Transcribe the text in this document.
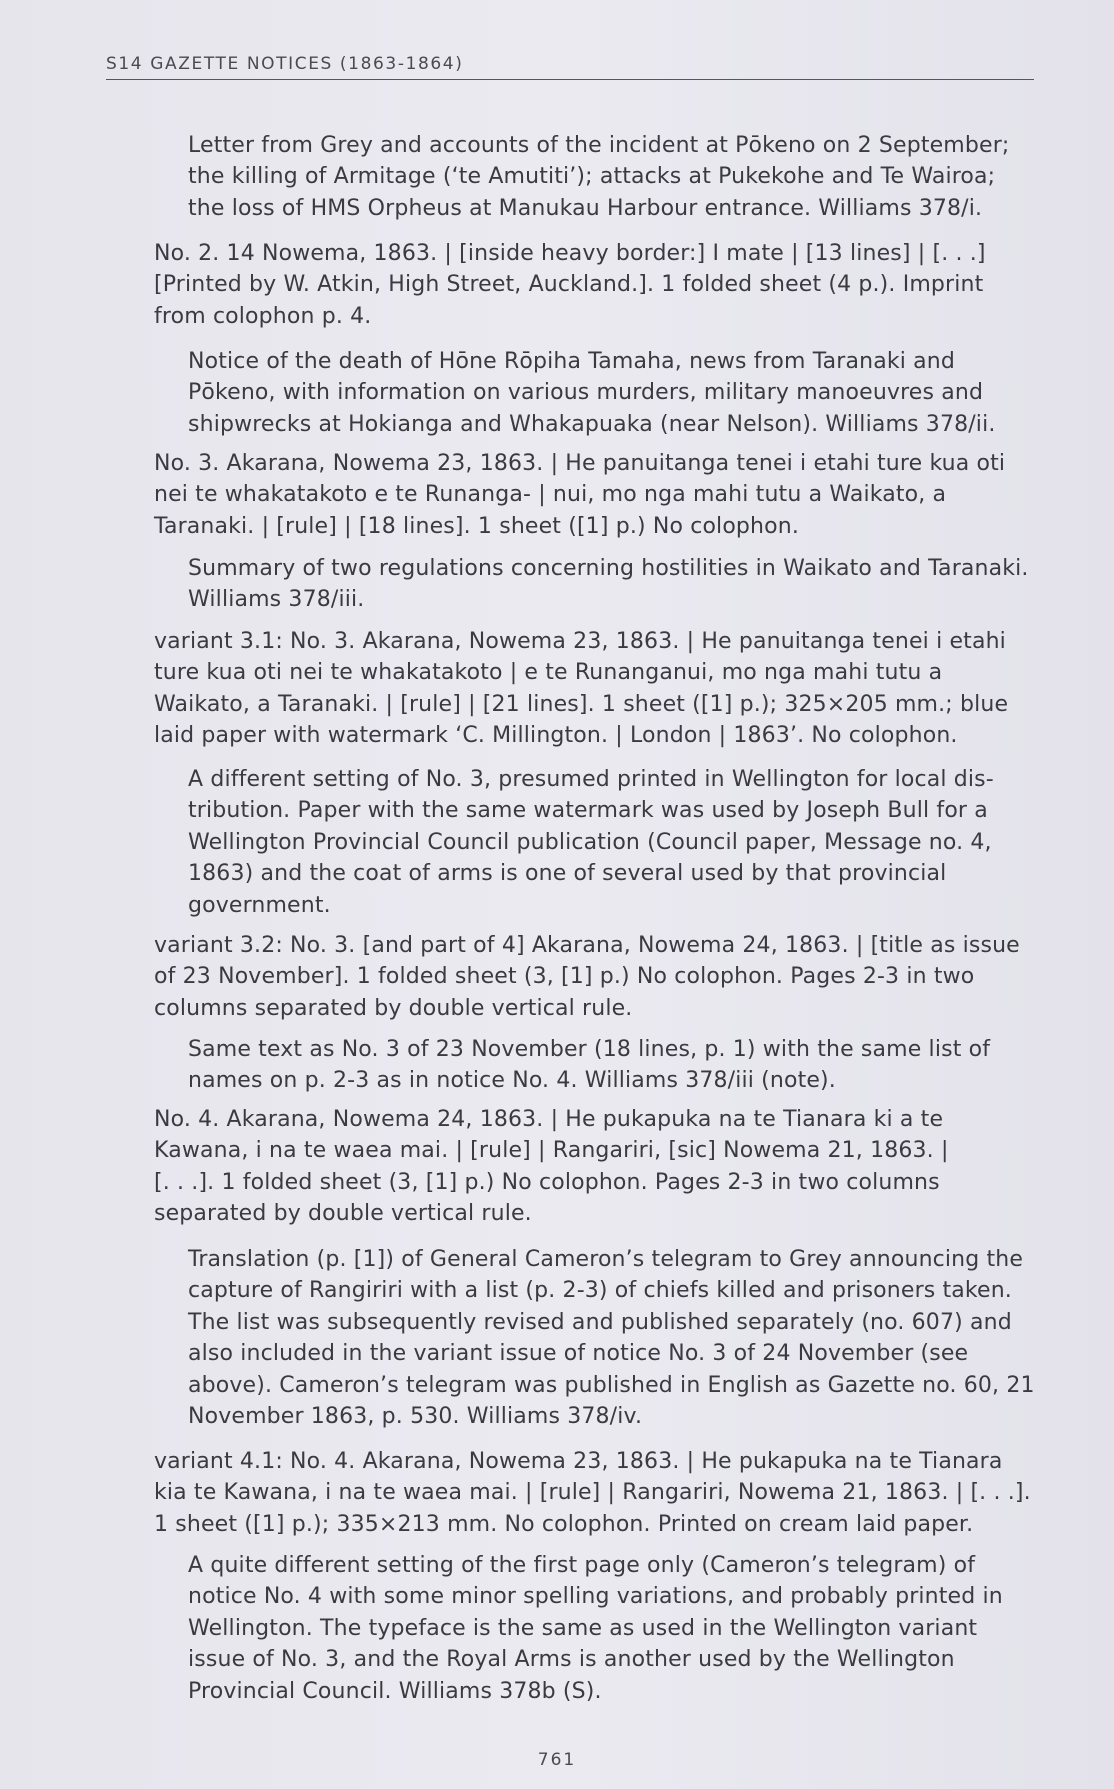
S14 GAZETTE NOTICES (1863-1864)
Letter from Grey and accounts of the incident at Pōkeno on 2 September;
the killing of Armitage (‘te Amutiti’); attacks at Pukekohe and Te Wairoa;
the loss of HMS Orpheus at Manukau Harbour entrance. Williams 378/i.
No. 2. 14 Nowema, 1863. | [inside heavy border:] I mate | [13 lines] | [. . .]
[Printed by W. Atkin, High Street, Auckland.]. 1 folded sheet (4 p.). Imprint
from colophon p. 4.
Notice of the death of Hōne Rōpiha Tamaha, news from Taranaki and
Pōkeno, with information on various murders, military manoeuvres and
shipwrecks at Hokianga and Whakapuaka (near Nelson). Williams 378/ii.
No. 3. Akarana, Nowema 23, 1863. | He panuitanga tenei i etahi ture kua oti
nei te whakatakoto e te Runanga- | nui, mo nga mahi tutu a Waikato, a
Taranaki. | [rule] | [18 lines]. 1 sheet ([1] p.) No colophon.
Summary of two regulations concerning hostilities in Waikato and Taranaki.
Williams 378/iii.
variant 3.1: No. 3. Akarana, Nowema 23, 1863. | He panuitanga tenei i etahi
ture kua oti nei te whakatakoto | e te Runanganui, mo nga mahi tutu a
Waikato, a Taranaki. | [rule] | [21 lines]. 1 sheet ([1] p.); 325×205 mm.; blue
laid paper with watermark ‘C. Millington. | London | 1863’. No colophon.
A different setting of No. 3, presumed printed in Wellington for local dis-
tribution. Paper with the same watermark was used by Joseph Bull for a
Wellington Provincial Council publication (Council paper, Message no. 4,
1863) and the coat of arms is one of several used by that provincial
government.
variant 3.2: No. 3. [and part of 4] Akarana, Nowema 24, 1863. | [title as issue
of 23 November]. 1 folded sheet (3, [1] p.) No colophon. Pages 2-3 in two
columns separated by double vertical rule.
Same text as No. 3 of 23 November (18 lines, p. 1) with the same list of
names on p. 2-3 as in notice No. 4. Williams 378/iii (note).
No. 4. Akarana, Nowema 24, 1863. | He pukapuka na te Tianara ki a te
Kawana, i na te waea mai. | [rule] | Rangariri, [sic] Nowema 21, 1863. |
[. . .]. 1 folded sheet (3, [1] p.) No colophon. Pages 2-3 in two columns
separated by double vertical rule.
Translation (p. [1]) of General Cameron’s telegram to Grey announcing the
capture of Rangiriri with a list (p. 2-3) of chiefs killed and prisoners taken.
The list was subsequently revised and published separately (no. 607) and
also included in the variant issue of notice No. 3 of 24 November (see
above). Cameron’s telegram was published in English as Gazette no. 60, 21
November 1863, p. 530. Williams 378/iv.
variant 4.1: No. 4. Akarana, Nowema 23, 1863. | He pukapuka na te Tianara
kia te Kawana, i na te waea mai. | [rule] | Rangariri, Nowema 21, 1863. | [. . .].
1 sheet ([1] p.); 335×213 mm. No colophon. Printed on cream laid paper.
A quite different setting of the first page only (Cameron’s telegram) of
notice No. 4 with some minor spelling variations, and probably printed in
Wellington. The typeface is the same as used in the Wellington variant
issue of No. 3, and the Royal Arms is another used by the Wellington
Provincial Council. Williams 378b (S).
761
